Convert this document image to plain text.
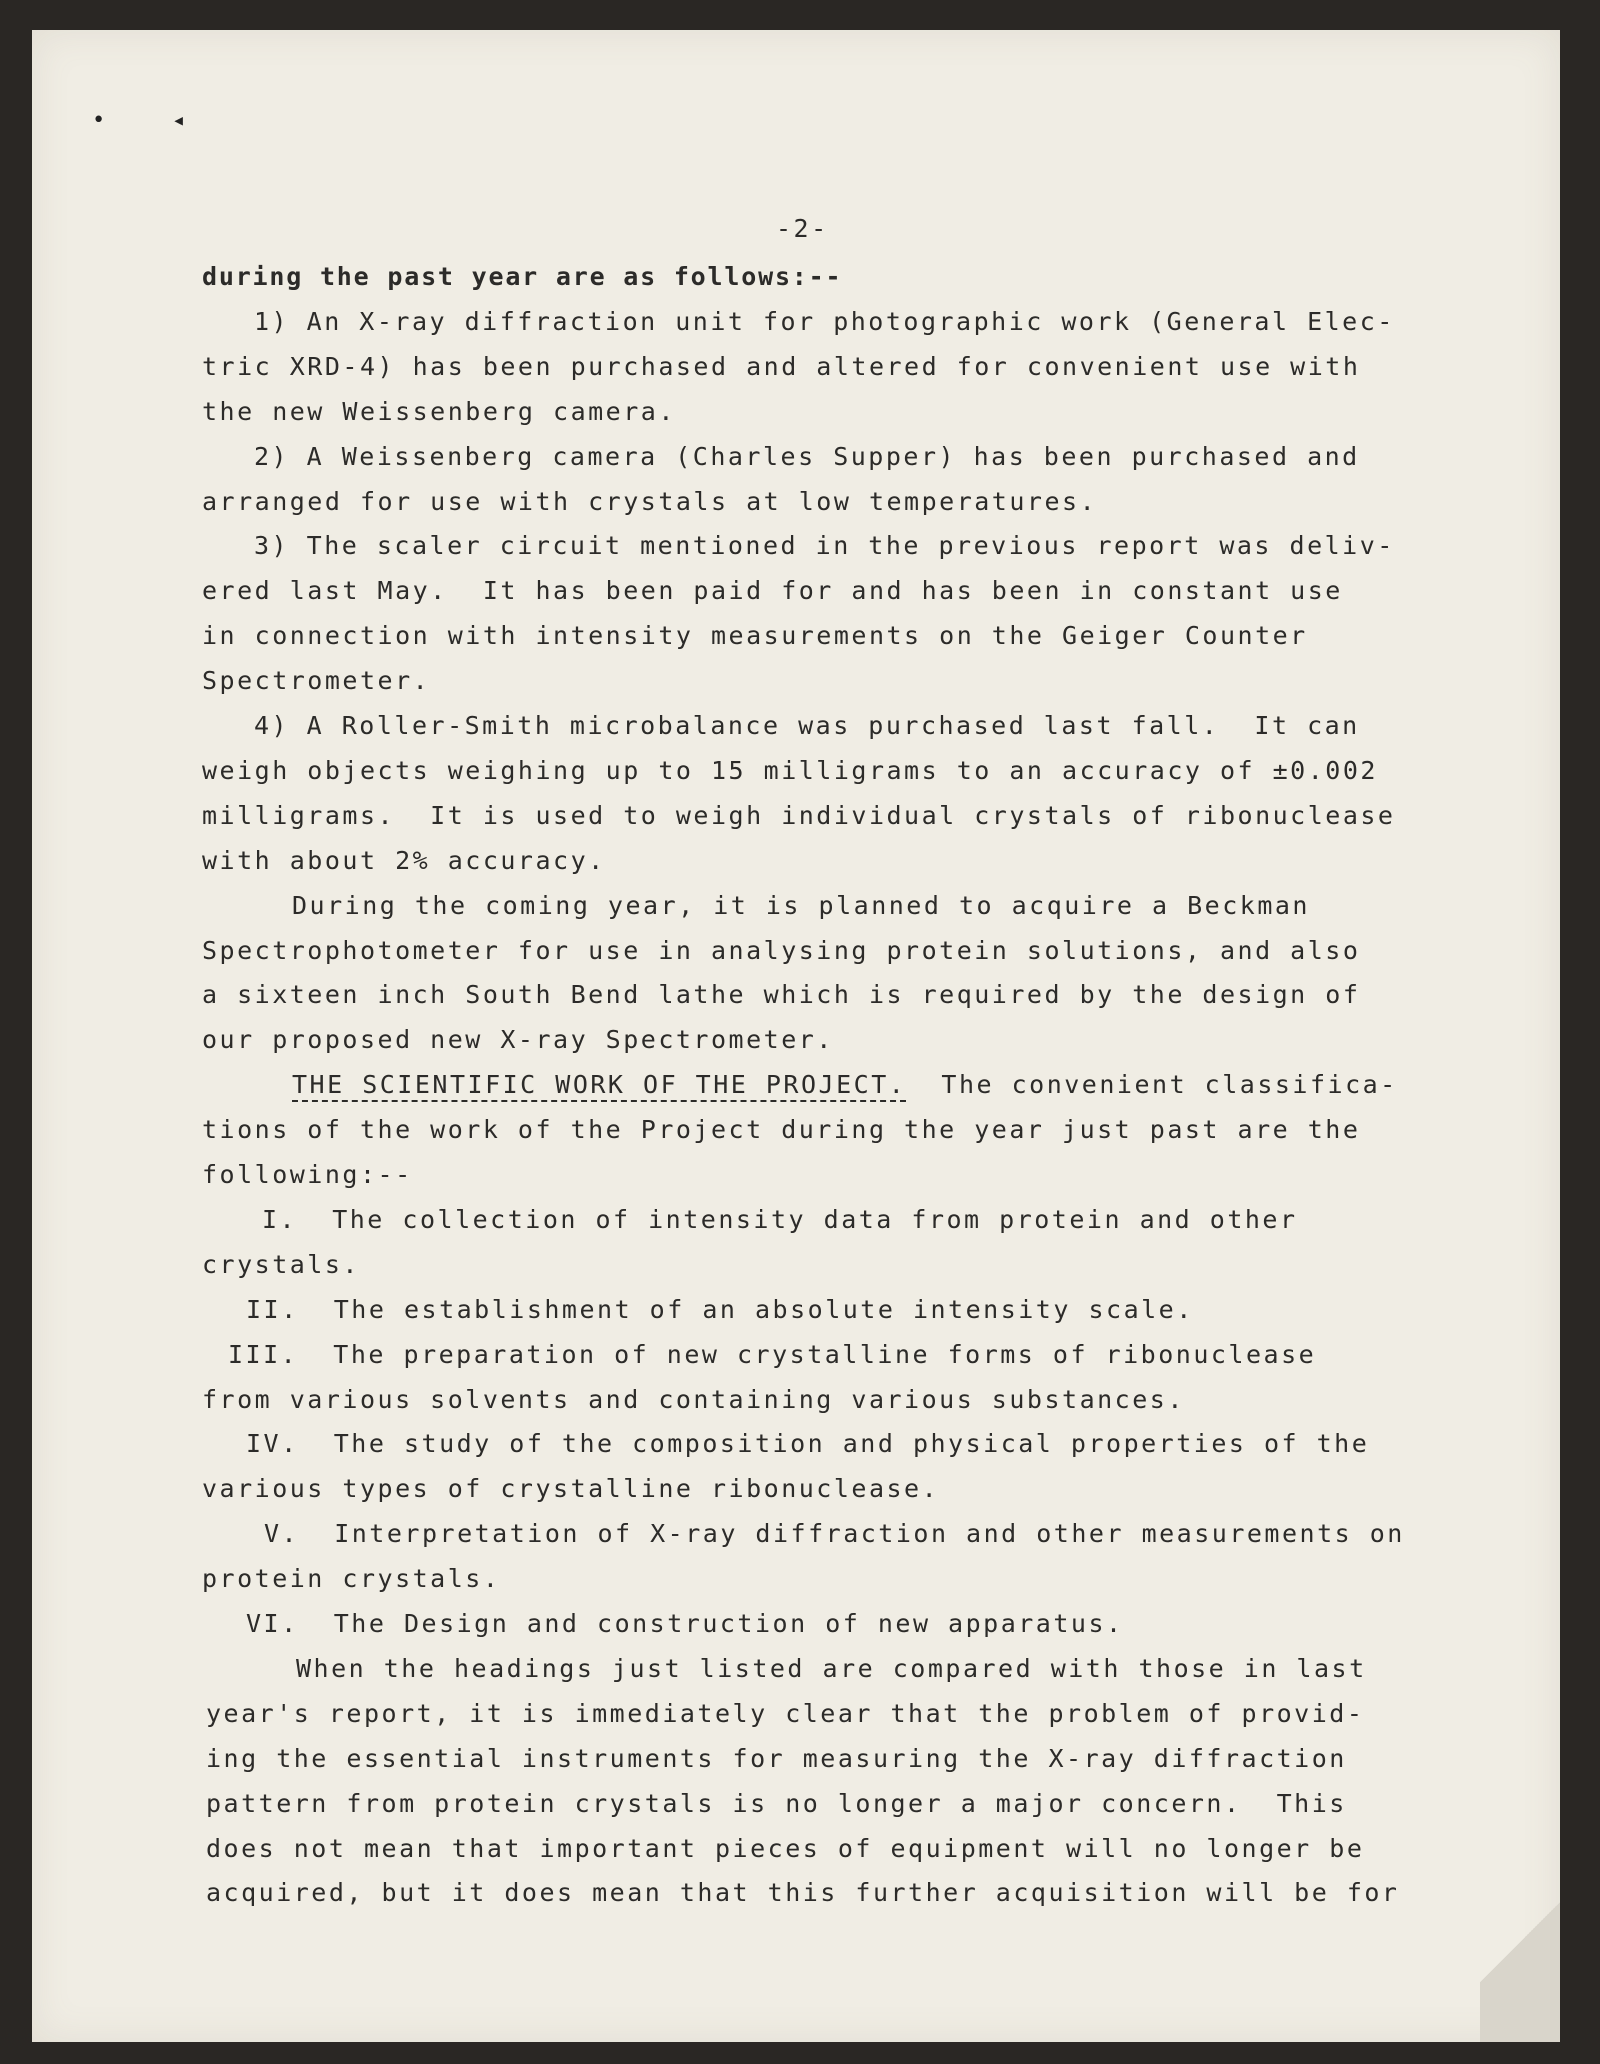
•	◂
-2-
during the past year are as follows:--
1) An X-ray diffraction unit for photographic work (General Elec-
tric XRD-4) has been purchased and altered for convenient use with
the new Weissenberg camera.
2) A Weissenberg camera (Charles Supper) has been purchased and
arranged for use with crystals at low temperatures.
3) The scaler circuit mentioned in the previous report was deliv-
ered last May.  It has been paid for and has been in constant use
in connection with intensity measurements on the Geiger Counter
Spectrometer.
4) A Roller-Smith microbalance was purchased last fall.  It can
weigh objects weighing up to 15 milligrams to an accuracy of ±0.002
milligrams.  It is used to weigh individual crystals of ribonuclease
with about 2% accuracy.
During the coming year, it is planned to acquire a Beckman
Spectrophotometer for use in analysing protein solutions, and also
a sixteen inch South Bend lathe which is required by the design of
our proposed new X-ray Spectrometer.
THE SCIENTIFIC WORK OF THE PROJECT.  The convenient classifica-
tions of the work of the Project during the year just past are the
following:--
I.  The collection of intensity data from protein and other
crystals.
II.  The establishment of an absolute intensity scale.
III.  The preparation of new crystalline forms of ribonuclease
from various solvents and containing various substances.
IV.  The study of the composition and physical properties of the
various types of crystalline ribonuclease.
V.  Interpretation of X-ray diffraction and other measurements on
protein crystals.
VI.  The Design and construction of new apparatus.
When the headings just listed are compared with those in last
year's report, it is immediately clear that the problem of provid-
ing the essential instruments for measuring the X-ray diffraction
pattern from protein crystals is no longer a major concern.  This
does not mean that important pieces of equipment will no longer be
acquired, but it does mean that this further acquisition will be for
